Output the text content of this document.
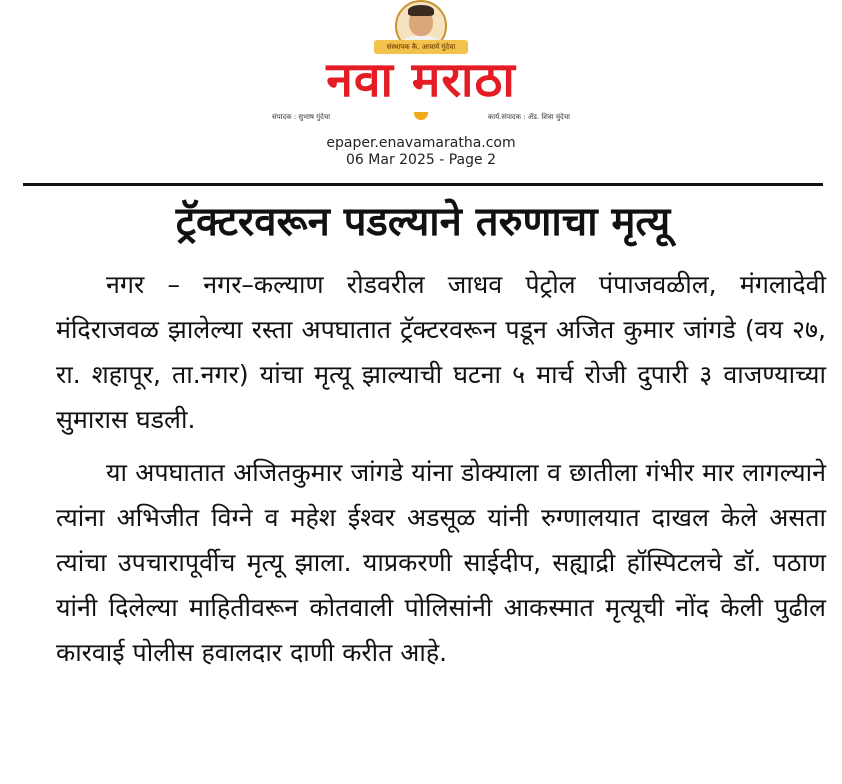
संस्थापक कै. आचार्य गुंदेचा
नवा मराठा
संपादक : सुभाष गुंदेचा	कार्य.संपादक : ॲड. शिवा मुंदेचा
epaper.enavamaratha.com
06 Mar 2025 - Page 2
ट्रॅक्टरवरून पडल्याने तरुणाचा मृत्यू

नगर – नगर–कल्याण रोडवरील जाधव पेट्रोल पंपाजवळील, मंगलादेवी मंदिराजवळ झालेल्या रस्ता अपघातात ट्रॅक्टरवरून पडून अजित कुमार जांगडे (वय २७, रा. शहापूर, ता.नगर) यांचा मृत्यू झाल्याची घटना ५ मार्च रोजी दुपारी ३ वाजण्याच्या सुमारास घडली.

या अपघातात अजितकुमार जांगडे यांना डोक्याला व छातीला गंभीर मार लागल्याने त्यांना अभिजीत विग्ने व महेश ईश्वर अडसूळ यांनी रुग्णालयात दाखल केले असता त्यांचा उपचारापूर्वीच मृत्यू झाला. याप्रकरणी साईदीप, सह्याद्री हॉस्पिटलचे डॉ. पठाण यांनी दिलेल्या माहितीवरून कोतवाली पोलिसांनी आकस्मात मृत्यूची नोंद केली पुढील कारवाई पोलीस हवालदार दाणी करीत आहे.
